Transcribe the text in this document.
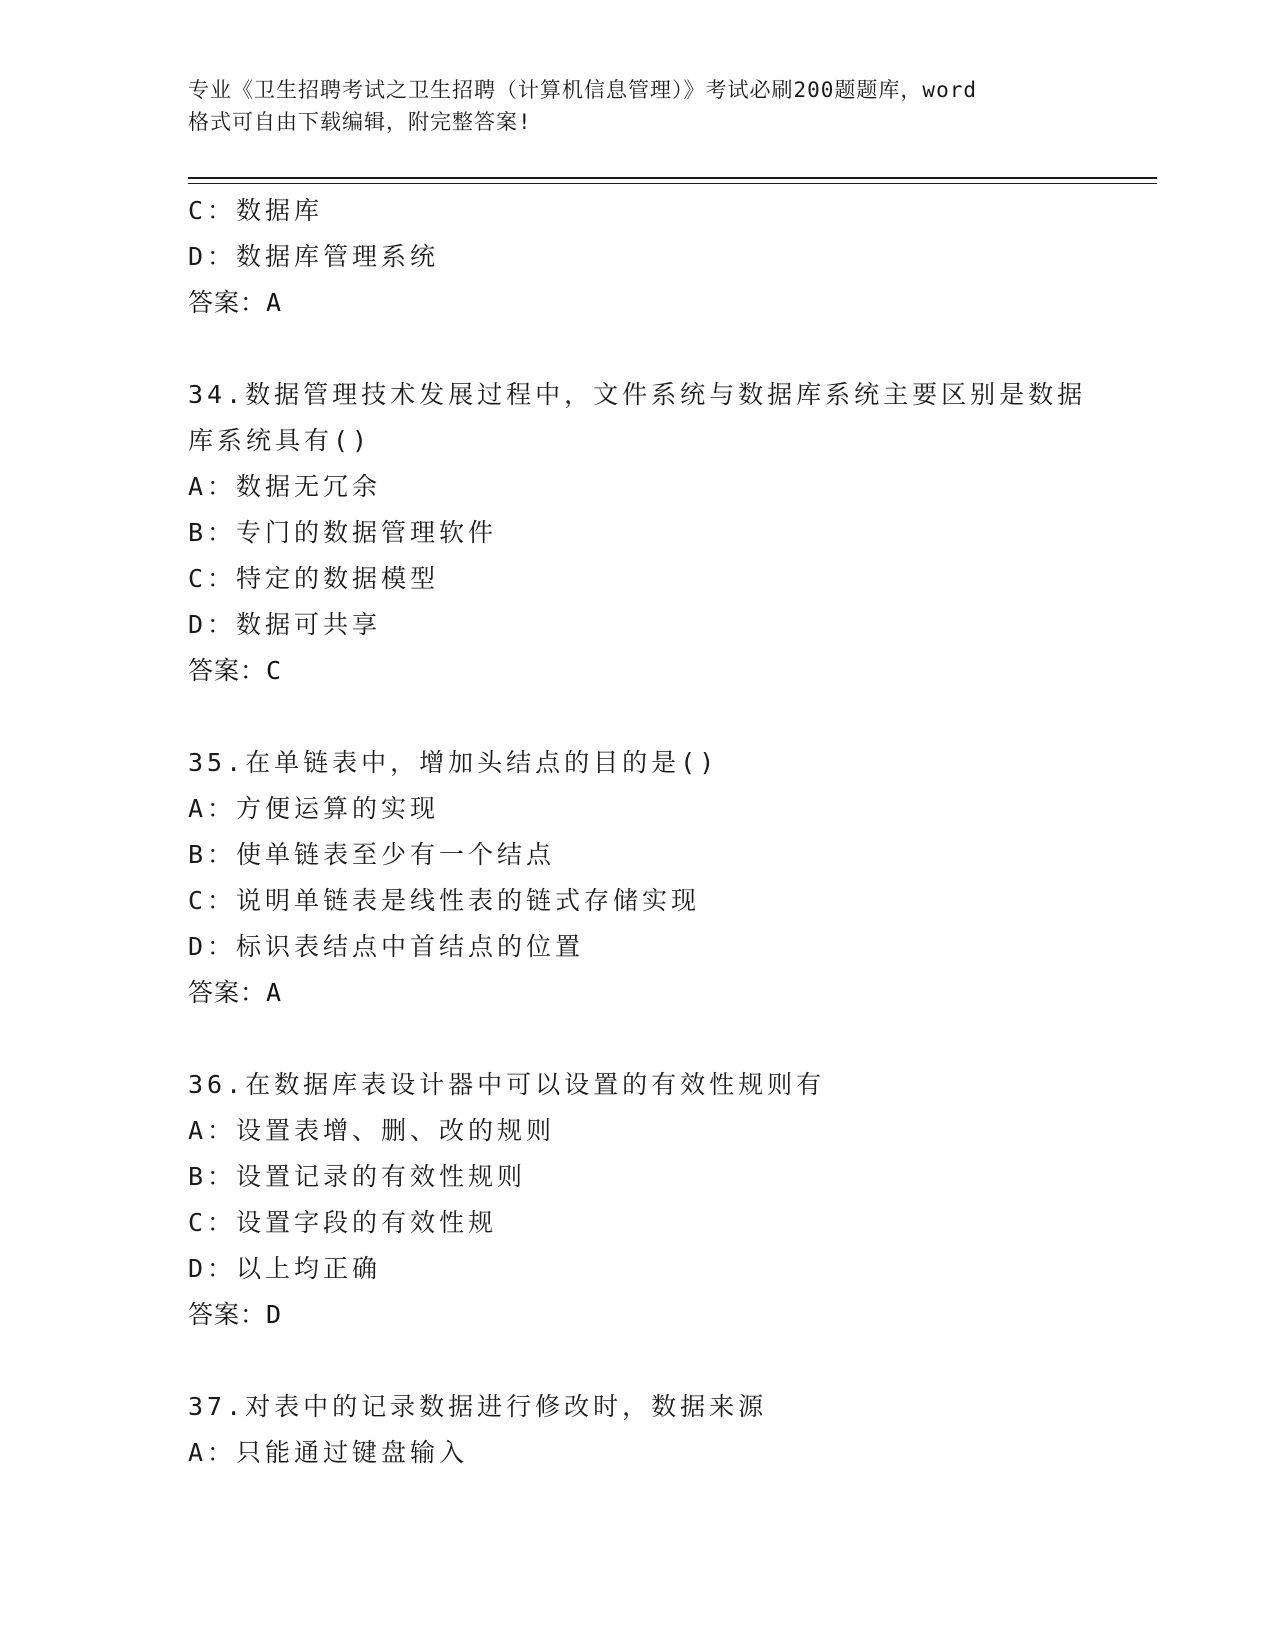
专业《卫生招聘考试之卫生招聘（计算机信息管理）》考试必刷200题题库，word
格式可自由下载编辑，附完整答案!
C：数据库
D：数据库管理系统
答案：A
34.数据管理技术发展过程中，文件系统与数据库系统主要区别是数据
库系统具有()
A：数据无冗余
B：专门的数据管理软件
C：特定的数据模型
D：数据可共享
答案：C
35.在单链表中，增加头结点的目的是()
A：方便运算的实现
B：使单链表至少有一个结点
C：说明单链表是线性表的链式存储实现
D：标识表结点中首结点的位置
答案：A
36.在数据库表设计器中可以设置的有效性规则有
A：设置表增、删、改的规则
B：设置记录的有效性规则
C：设置字段的有效性规
D：以上均正确
答案：D
37.对表中的记录数据进行修改时，数据来源
A：只能通过键盘输入
